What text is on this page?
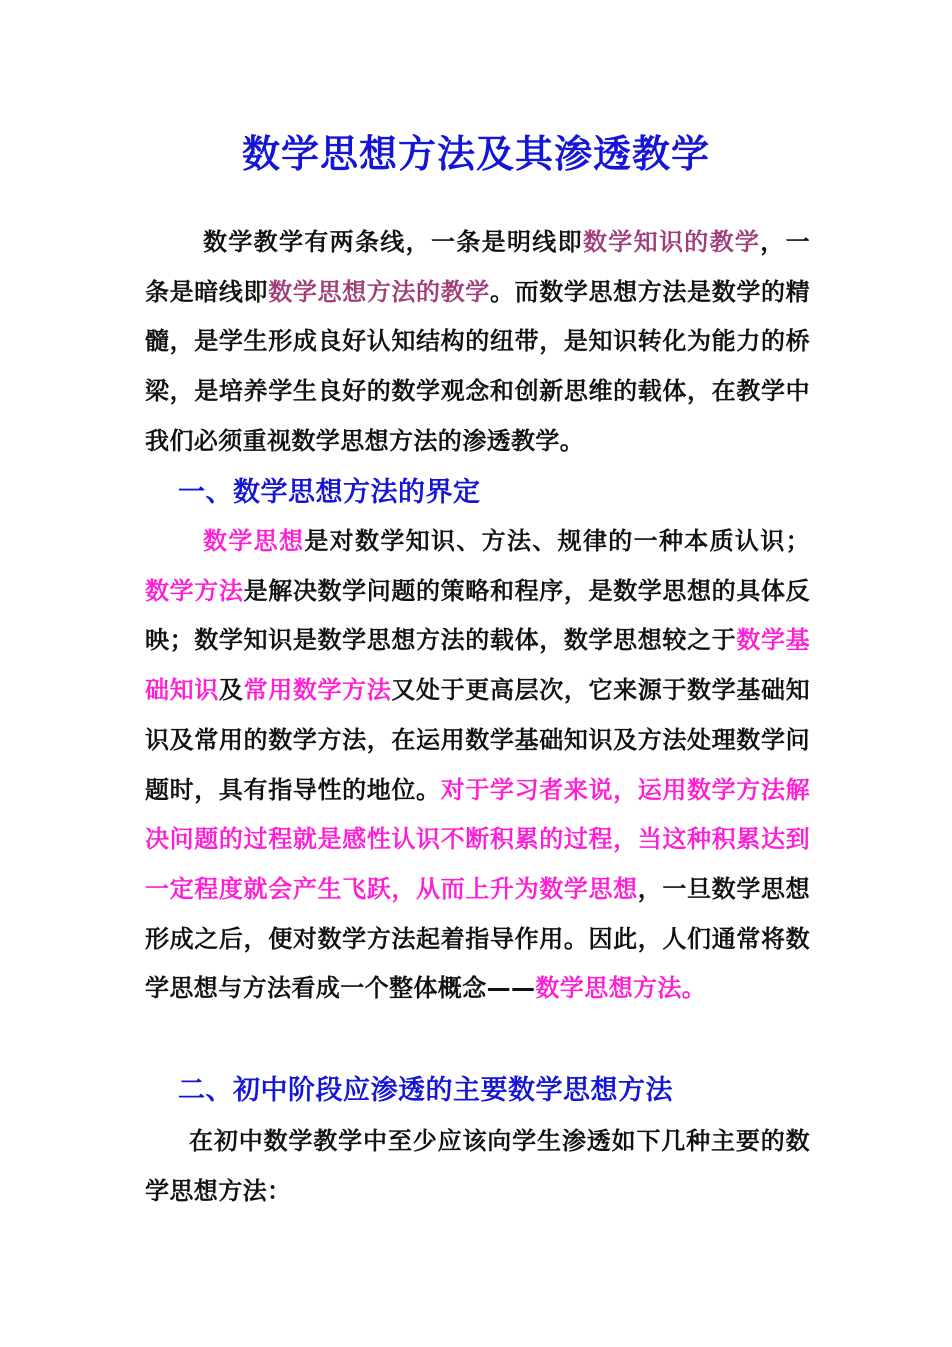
数学思想方法及其渗透教学

数学教学有两条线，一条是明线即数学知识的教学，一条是暗线即数学思想方法的教学。而数学思想方法是数学的精髓，是学生形成良好认知结构的纽带，是知识转化为能力的桥梁，是培养学生良好的数学观念和创新思维的载体，在教学中我们必须重视数学思想方法的渗透教学。

一、数学思想方法的界定

数学思想是对数学知识、方法、规律的一种本质认识；数学方法是解决数学问题的策略和程序，是数学思想的具体反映；数学知识是数学思想方法的载体，数学思想较之于数学基础知识及常用数学方法又处于更高层次，它来源于数学基础知识及常用的数学方法，在运用数学基础知识及方法处理数学问题时，具有指导性的地位。对于学习者来说，运用数学方法解决问题的过程就是感性认识不断积累的过程，当这种积累达到一定程度就会产生飞跃，从而上升为数学思想，一旦数学思想形成之后，便对数学方法起着指导作用。因此，人们通常将数学思想与方法看成一个整体概念——数学思想方法。

二、初中阶段应渗透的主要数学思想方法

在初中数学教学中至少应该向学生渗透如下几种主要的数学思想方法：
